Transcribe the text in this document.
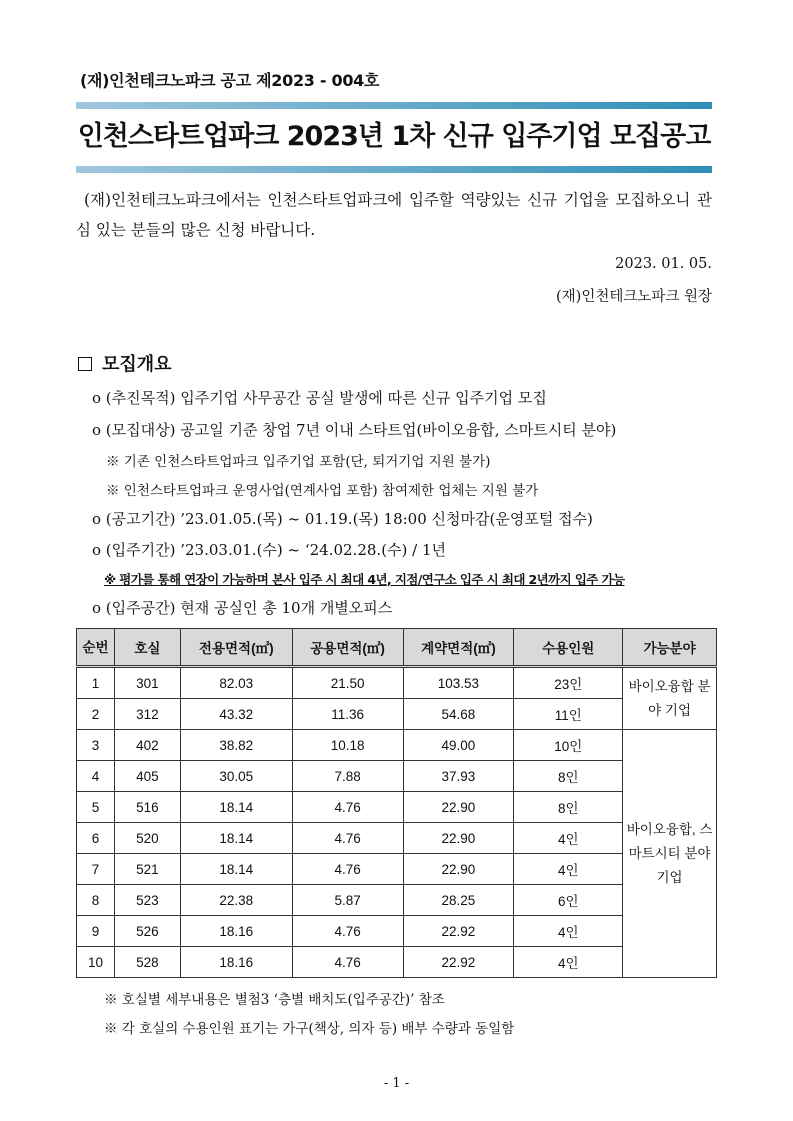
(재)인천테크노파크 공고 제2023 - 004호
인천스타트업파크 2023년 1차 신규 입주기업 모집공고
(재)인천테크노파크에서는 인천스타트업파크에 입주할 역량있는 신규 기업을 모집하오니 관심 있는 분들의 많은 신청 바랍니다.
2023. 01. 05.
(재)인천테크노파크 원장
모집개요
o (추진목적) 입주기업 사무공간 공실 발생에 따른 신규 입주기업 모집
o (모집대상) 공고일 기준 창업 7년 이내 스타트업(바이오융합, 스마트시티 분야)
※ 기존 인천스타트업파크 입주기업 포함(단, 퇴거기업 지원 불가)
※ 인천스타트업파크 운영사업(연계사업 포함) 참여제한 업체는 지원 불가
o (공고기간) ’23.01.05.(목) ~ 01.19.(목) 18:00 신청마감(운영포털 접수)
o (입주기간) ’23.03.01.(수) ~ ‘24.02.28.(수) / 1년
※ 평가를 통해 연장이 가능하며 본사 입주 시 최대 4년, 지점/연구소 입주 시 최대 2년까지 입주 가능
o (입주공간) 현재 공실인 총 10개 개별오피스
순번	호실	전용면적(㎡)	공용면적(㎡)	계약면적(㎡)	수용인원	가능분야
1	301	82.03	21.50	103.53	23인	바이오융합 분야 기업
2	312	43.32	11.36	54.68	11인	
3	402	38.82	10.18	49.00	10인	바이오융합, 스마트시티 분야 기업
4	405	30.05	7.88	37.93	8인	
5	516	18.14	4.76	22.90	8인	
6	520	18.14	4.76	22.90	4인	
7	521	18.14	4.76	22.90	4인	
8	523	22.38	5.87	28.25	6인	
9	526	18.16	4.76	22.92	4인	
10	528	18.16	4.76	22.92	4인	
※ 호실별 세부내용은 별첨3 ‘층별 배치도(입주공간)’ 참조
※ 각 호실의 수용인원 표기는 가구(책상, 의자 등) 배부 수량과 동일함
- 1 -
